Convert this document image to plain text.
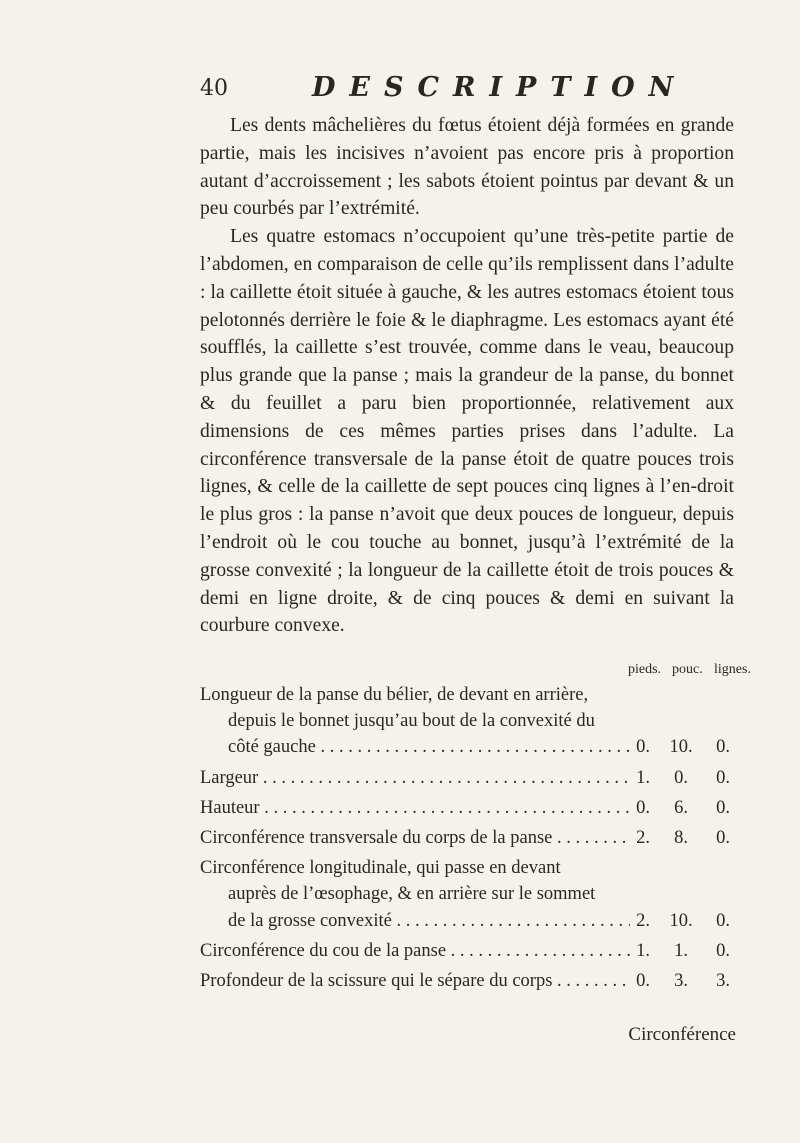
40	DESCRIPTION

Les dents mâchelières du fœtus étoient déjà formées en grande partie, mais les incisives n’avoient pas encore pris à proportion autant d’accroissement ; les sabots étoient pointus par devant & un peu courbés par l’extrémité.

Les quatre estomacs n’occupoient qu’une très-petite partie de l’abdomen, en comparaison de celle qu’ils remplissent dans l’adulte : la caillette étoit située à gauche, & les autres estomacs étoient tous pelotonnés derrière le foie & le diaphragme. Les estomacs ayant été soufflés, la caillette s’est trouvée, comme dans le veau, beaucoup plus grande que la panse ; mais la grandeur de la panse, du bonnet & du feuillet a paru bien proportionnée, relativement aux dimensions de ces mêmes parties prises dans l’adulte. La circonférence transversale de la panse étoit de quatre pouces trois lignes, & celle de la caillette de sept pouces cinq lignes à l’en-droit le plus gros : la panse n’avoit que deux pouces de longueur, depuis l’endroit où le cou touche au bonnet, jusqu’à l’extrémité de la grosse convexité ; la longueur de la caillette étoit de trois pouces & demi en ligne droite, & de cinq pouces & demi en suivant la courbure convexe.

pieds. pouc. lignes.
Longueur de la panse du bélier, de devant en arrière,
depuis le bonnet jusqu’au bout de la convexité du
côté gauche . . .	0.	10.	0.
Largeur . . .	1.	0.	0.
Hauteur . . .	0.	6.	0.
Circonférence transversale du corps de la panse . . .	2.	8.	0.
Circonférence longitudinale, qui passe en devant
auprès de l’œsophage, & en arrière sur le sommet
de la grosse convexité . . .	2.	10.	0.
Circonférence du cou de la panse . . .	1.	1.	0.
Profondeur de la scissure qui le sépare du corps . . .	0.	3.	3.
Circonférence
